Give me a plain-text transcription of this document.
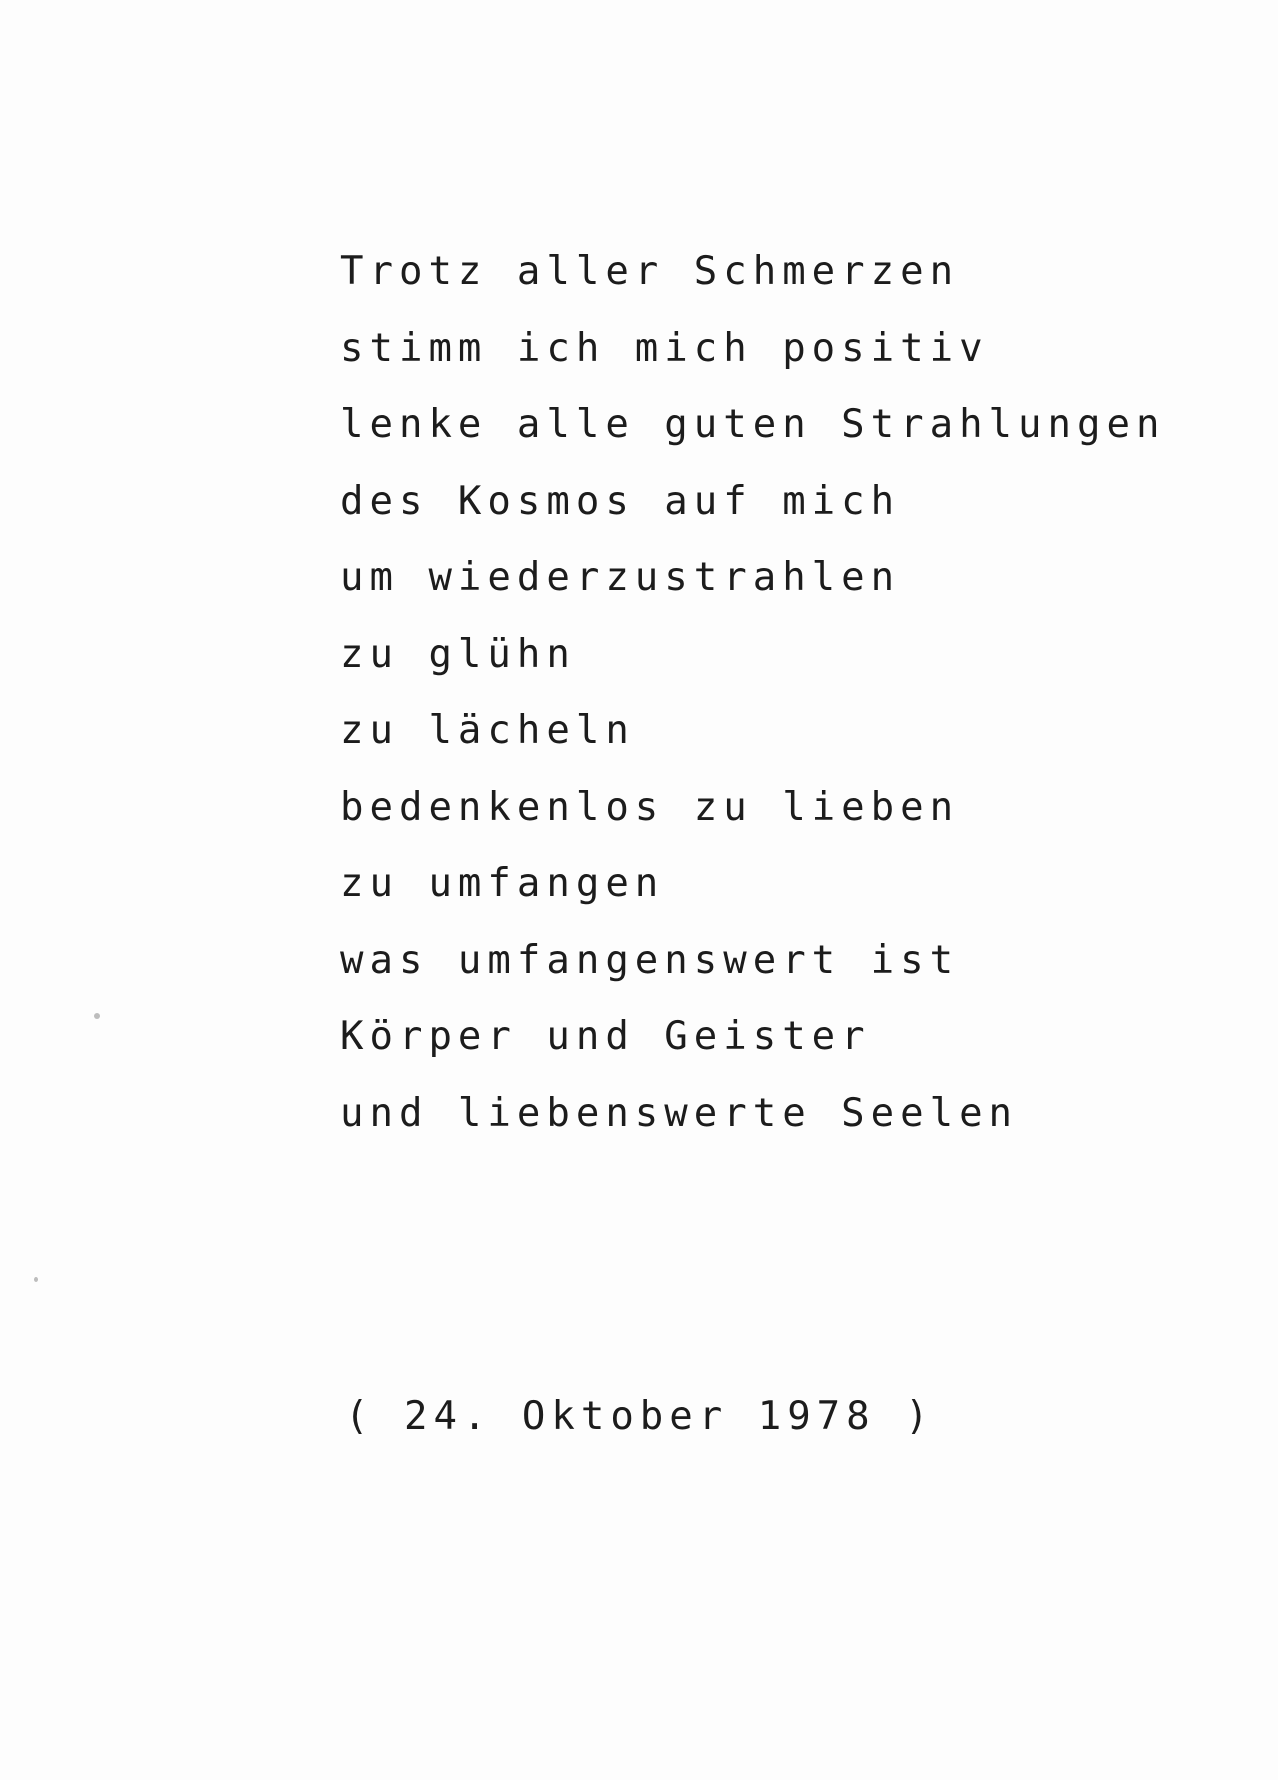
Trotz aller Schmerzen
stimm ich mich positiv
lenke alle guten Strahlungen
des Kosmos auf mich
um wiederzustrahlen
zu glühn
zu lächeln
bedenkenlos zu lieben
zu umfangen
was umfangenswert ist
Körper und Geister
und liebenswerte Seelen
( 24. Oktober 1978 )
